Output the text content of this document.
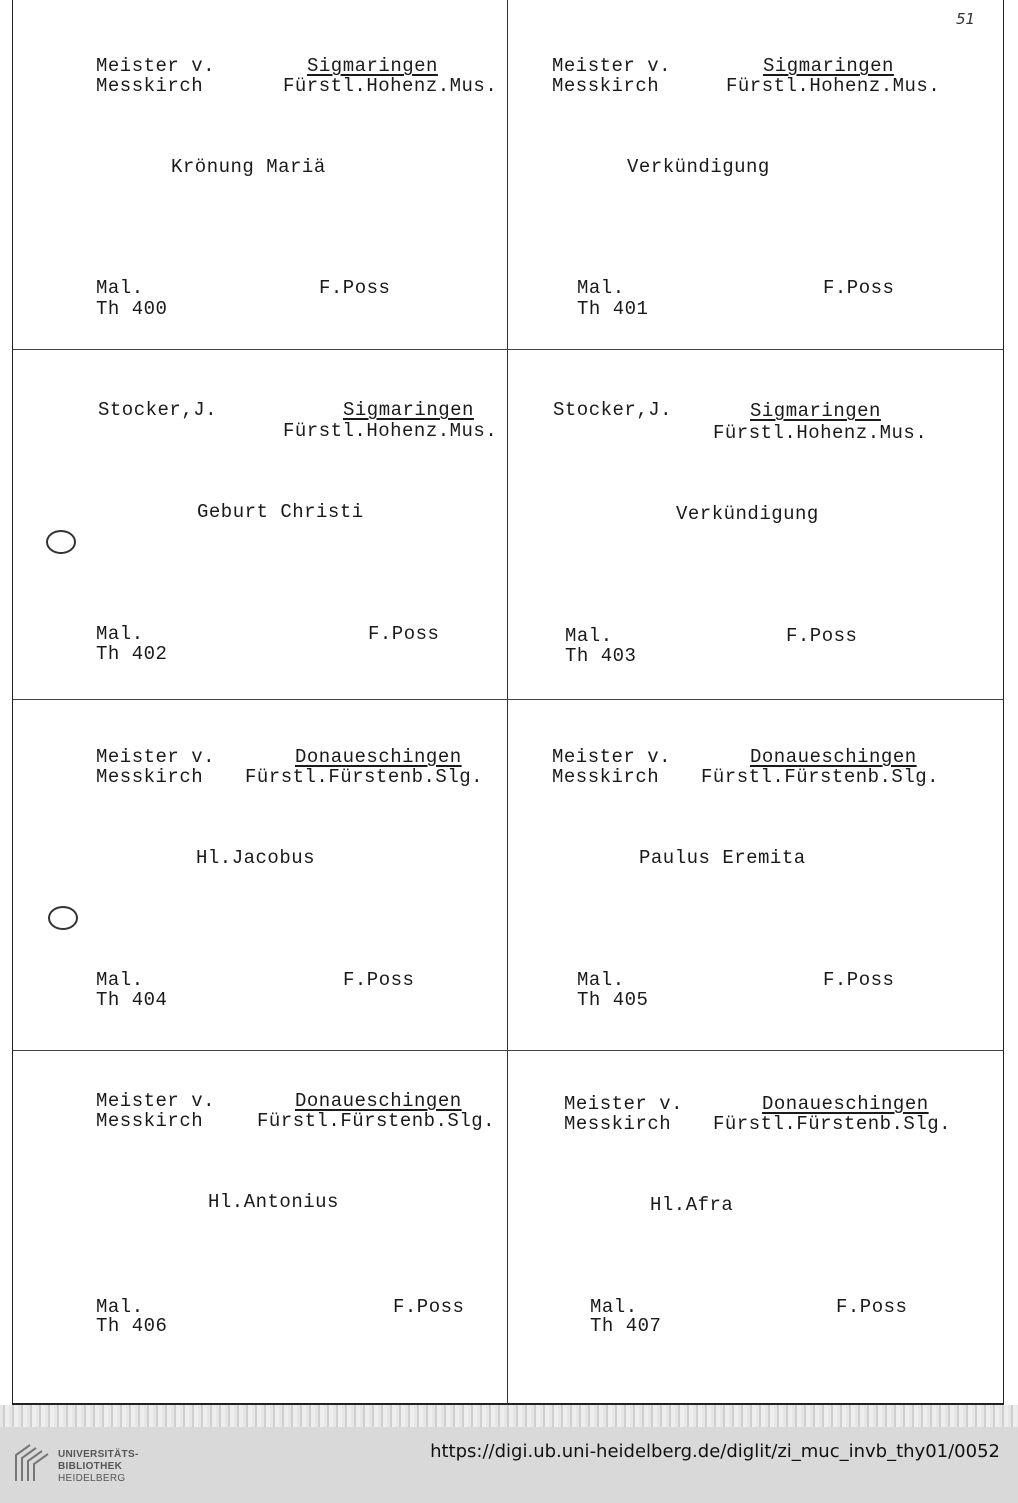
Meister v.
Messkirch
Sigmaringen
Fürstl.Hohenz.Mus.
Krönung Mariä
Mal.
Th 400
F.Poss
Meister v.
Messkirch
Sigmaringen
Fürstl.Hohenz.Mus.
Verkündigung
Mal.
Th 401
F.Poss
Stocker,J.	Sigmaringen
Fürstl.Hohenz.Mus.
Geburt Christi
Mal.
Th 402
F.Poss
Stocker,J.	Sigmaringen
Fürstl.Hohenz.Mus.
Verkündigung
Mal.
Th 403
F.Poss
Meister v.
Messkirch
Donaueschingen
Fürstl.Fürstenb.Slg.
Hl.Jacobus
Mal.
Th 404
F.Poss
Meister v.
Messkirch
Donaueschingen
Fürstl.Fürstenb.Slg.
Paulus Eremita
Mal.
Th 405
F.Poss
Meister v.
Messkirch
Donaueschingen
Fürstl.Fürstenb.Slg.
Hl.Antonius
Mal.
Th 406
F.Poss
Meister v.
Messkirch
Donaueschingen
Fürstl.Fürstenb.Slg.
Hl.Afra
Mal.
Th 407
F.Poss
51
UNIVERSITÄTS-
BIBLIOTHEK
HEIDELBERG
https://digi.ub.uni-heidelberg.de/diglit/zi_muc_invb_thy01/0052
